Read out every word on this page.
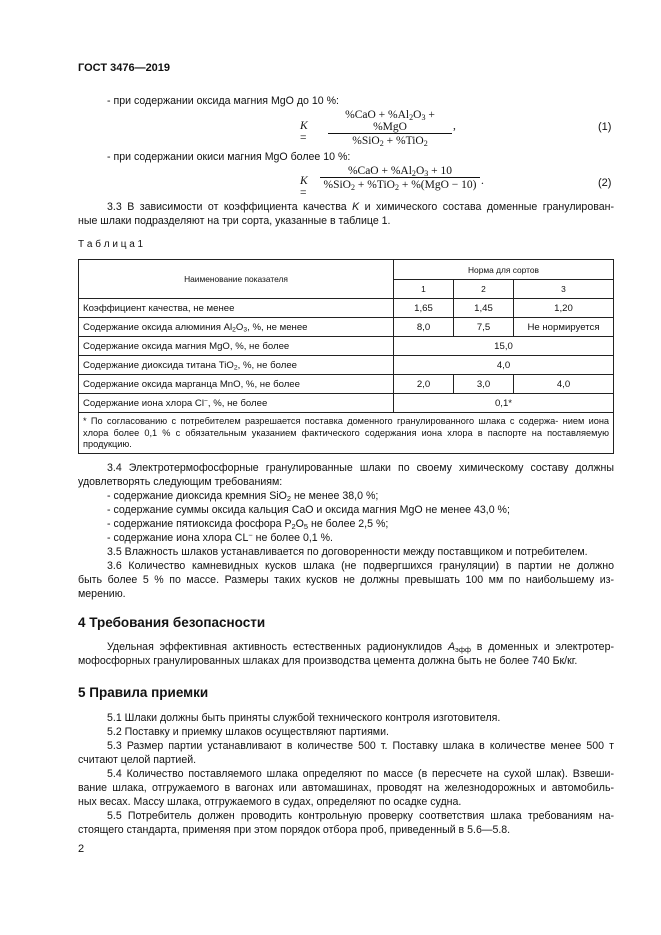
ГОСТ 3476—2019
- при содержании оксида магния MgO до 10 %:
K =
$\%CaO + \%Al_2O_3 + \%MgO$
%SiO$_2$ + %TiO$_2$
,	(1)
- при содержании окиси магния MgO более 10 %:
K =
$\%CaO + \%Al_2O_3 + 10$
%SiO$_2$ + %TiO$_2$ + %(MgO − 10) .	(2)
3.3 В зависимости от коэффициента качества K и химического состава доменные гранулирован-
ные шлаки подразделяют на три сорта, указанные в таблице 1.
Т а б л и ц а 1
Наименование показателя	Норма для сортов		
	1	2	3
Коэффициент качества, не менее	1,65	1,45	1,20
Содержание оксида алюминия $Al_2O_3$, %, не менее	8,0	7,5	Не нормируется
Содержание оксида магния MgO, %, не более	15,0		
Содержание диоксида титана TiO$_2$, %, не более	4,0		
Содержание оксида марганца MnO, %, не более	2,0	3,0	4,0
Содержание иона хлора Cl−, %, не более	0,1*		
* По согласованию с потребителем разрешается поставка доменного гранулированного шлака с содержа- нием иона хлора более 0,1 % с обязательным указанием фактического содержания иона хлора в паспорте на поставляемую продукцию.			
3.4 Электротермофосфорные гранулированные шлаки по своему химическому составу должны
удовлетворять следующим требованиям:
- содержание диоксида кремния SiO$_2$ не менее 38,0 %;
- содержание суммы оксида кальция CaO и оксида магния MgO не менее 43,0 %;
- содержание пятиоксида фосфора $P_2O_5$ не более 2,5 %;
- содержание иона хлора CL− не более 0,1 %.
3.5 Влажность шлаков устанавливается по договоренности между поставщиком и потребителем.
3.6 Количество камневидных кусков шлака (не подвергшихся грануляции) в партии не должно
быть более 5 % по массе. Размеры таких кусков не должны превышать 100 мм по наибольшему из-
мерению.
4 Требования безопасности
Удельная эффективная активность естественных радионуклидов $A_{эфф}$ в доменных и электротер-
мофосфорных гранулированных шлаках для производства цемента должна быть не более 740 Бк/кг.
5 Правила приемки
5.1 Шлаки должны быть приняты службой технического контроля изготовителя.
5.2 Поставку и приемку шлаков осуществляют партиями.
5.3 Размер партии устанавливают в количестве 500 т. Поставку шлака в количестве менее 500 т
считают целой партией.
5.4 Количество поставляемого шлака определяют по массе (в пересчете на сухой шлак). Взвеши-
вание шлака, отгружаемого в вагонах или автомашинах, проводят на железнодорожных и автомобиль-
ных весах. Массу шлака, отгружаемого в судах, определяют по осадке судна.
5.5 Потребитель должен проводить контрольную проверку соответствия шлака требованиям на-
стоящего стандарта, применяя при этом порядок отбора проб, приведенный в 5.6—5.8.
2
